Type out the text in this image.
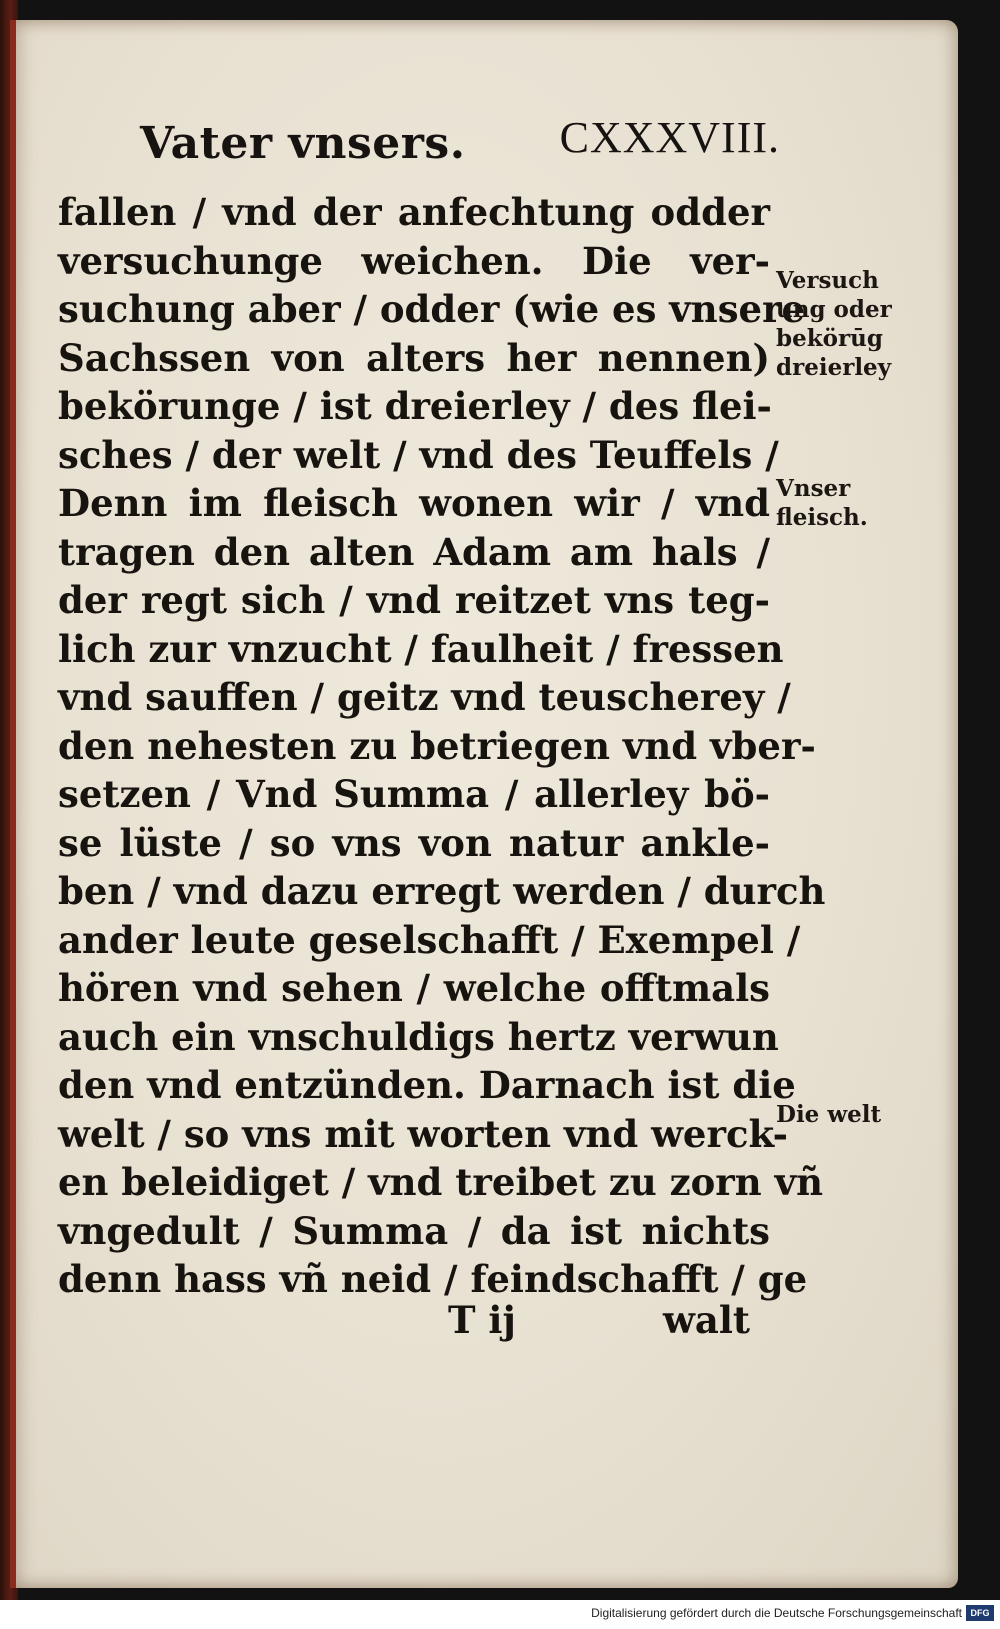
Vater vnsers. CXXXVIII.

fallen / vnd der anfechtung odder
versuchunge weichen. Die ver-
suchung aber / odder (wie es vnsere
Sachssen von alters her nennen)
bekörunge / ist dreierley / des flei-
sches / der welt / vnd des Teuffels /
Denn im fleisch wonen wir / vnd
tragen den alten Adam am hals /
der regt sich / vnd reitzet vns teg-
lich zur vnzucht / faulheit / fressen
vnd sauffen / geitz vnd teuscherey /
den nehesten zu betriegen vnd vber-
setzen / Vnd Summa / allerley bö-
se lüste / so vns von natur ankle-
ben / vnd dazu erregt werden / durch
ander leute geselschafft / Exempel /
hören vnd sehen / welche offtmals
auch ein vnschuldigs hertz verwun
den vnd entzünden. Darnach ist die
welt / so vns mit worten vnd werck-
en beleidiget / vnd treibet zu zorn vñ
vngedult / Summa / da ist nichts
denn hass vñ neid / feindschafft / ge
T ij	walt
Versuch
ung oder
bekörūg
dreierley
Vnser
fleisch.
Die welt
Digitalisierung gefördert durch die Deutsche Forschungsgemeinschaft DFG
